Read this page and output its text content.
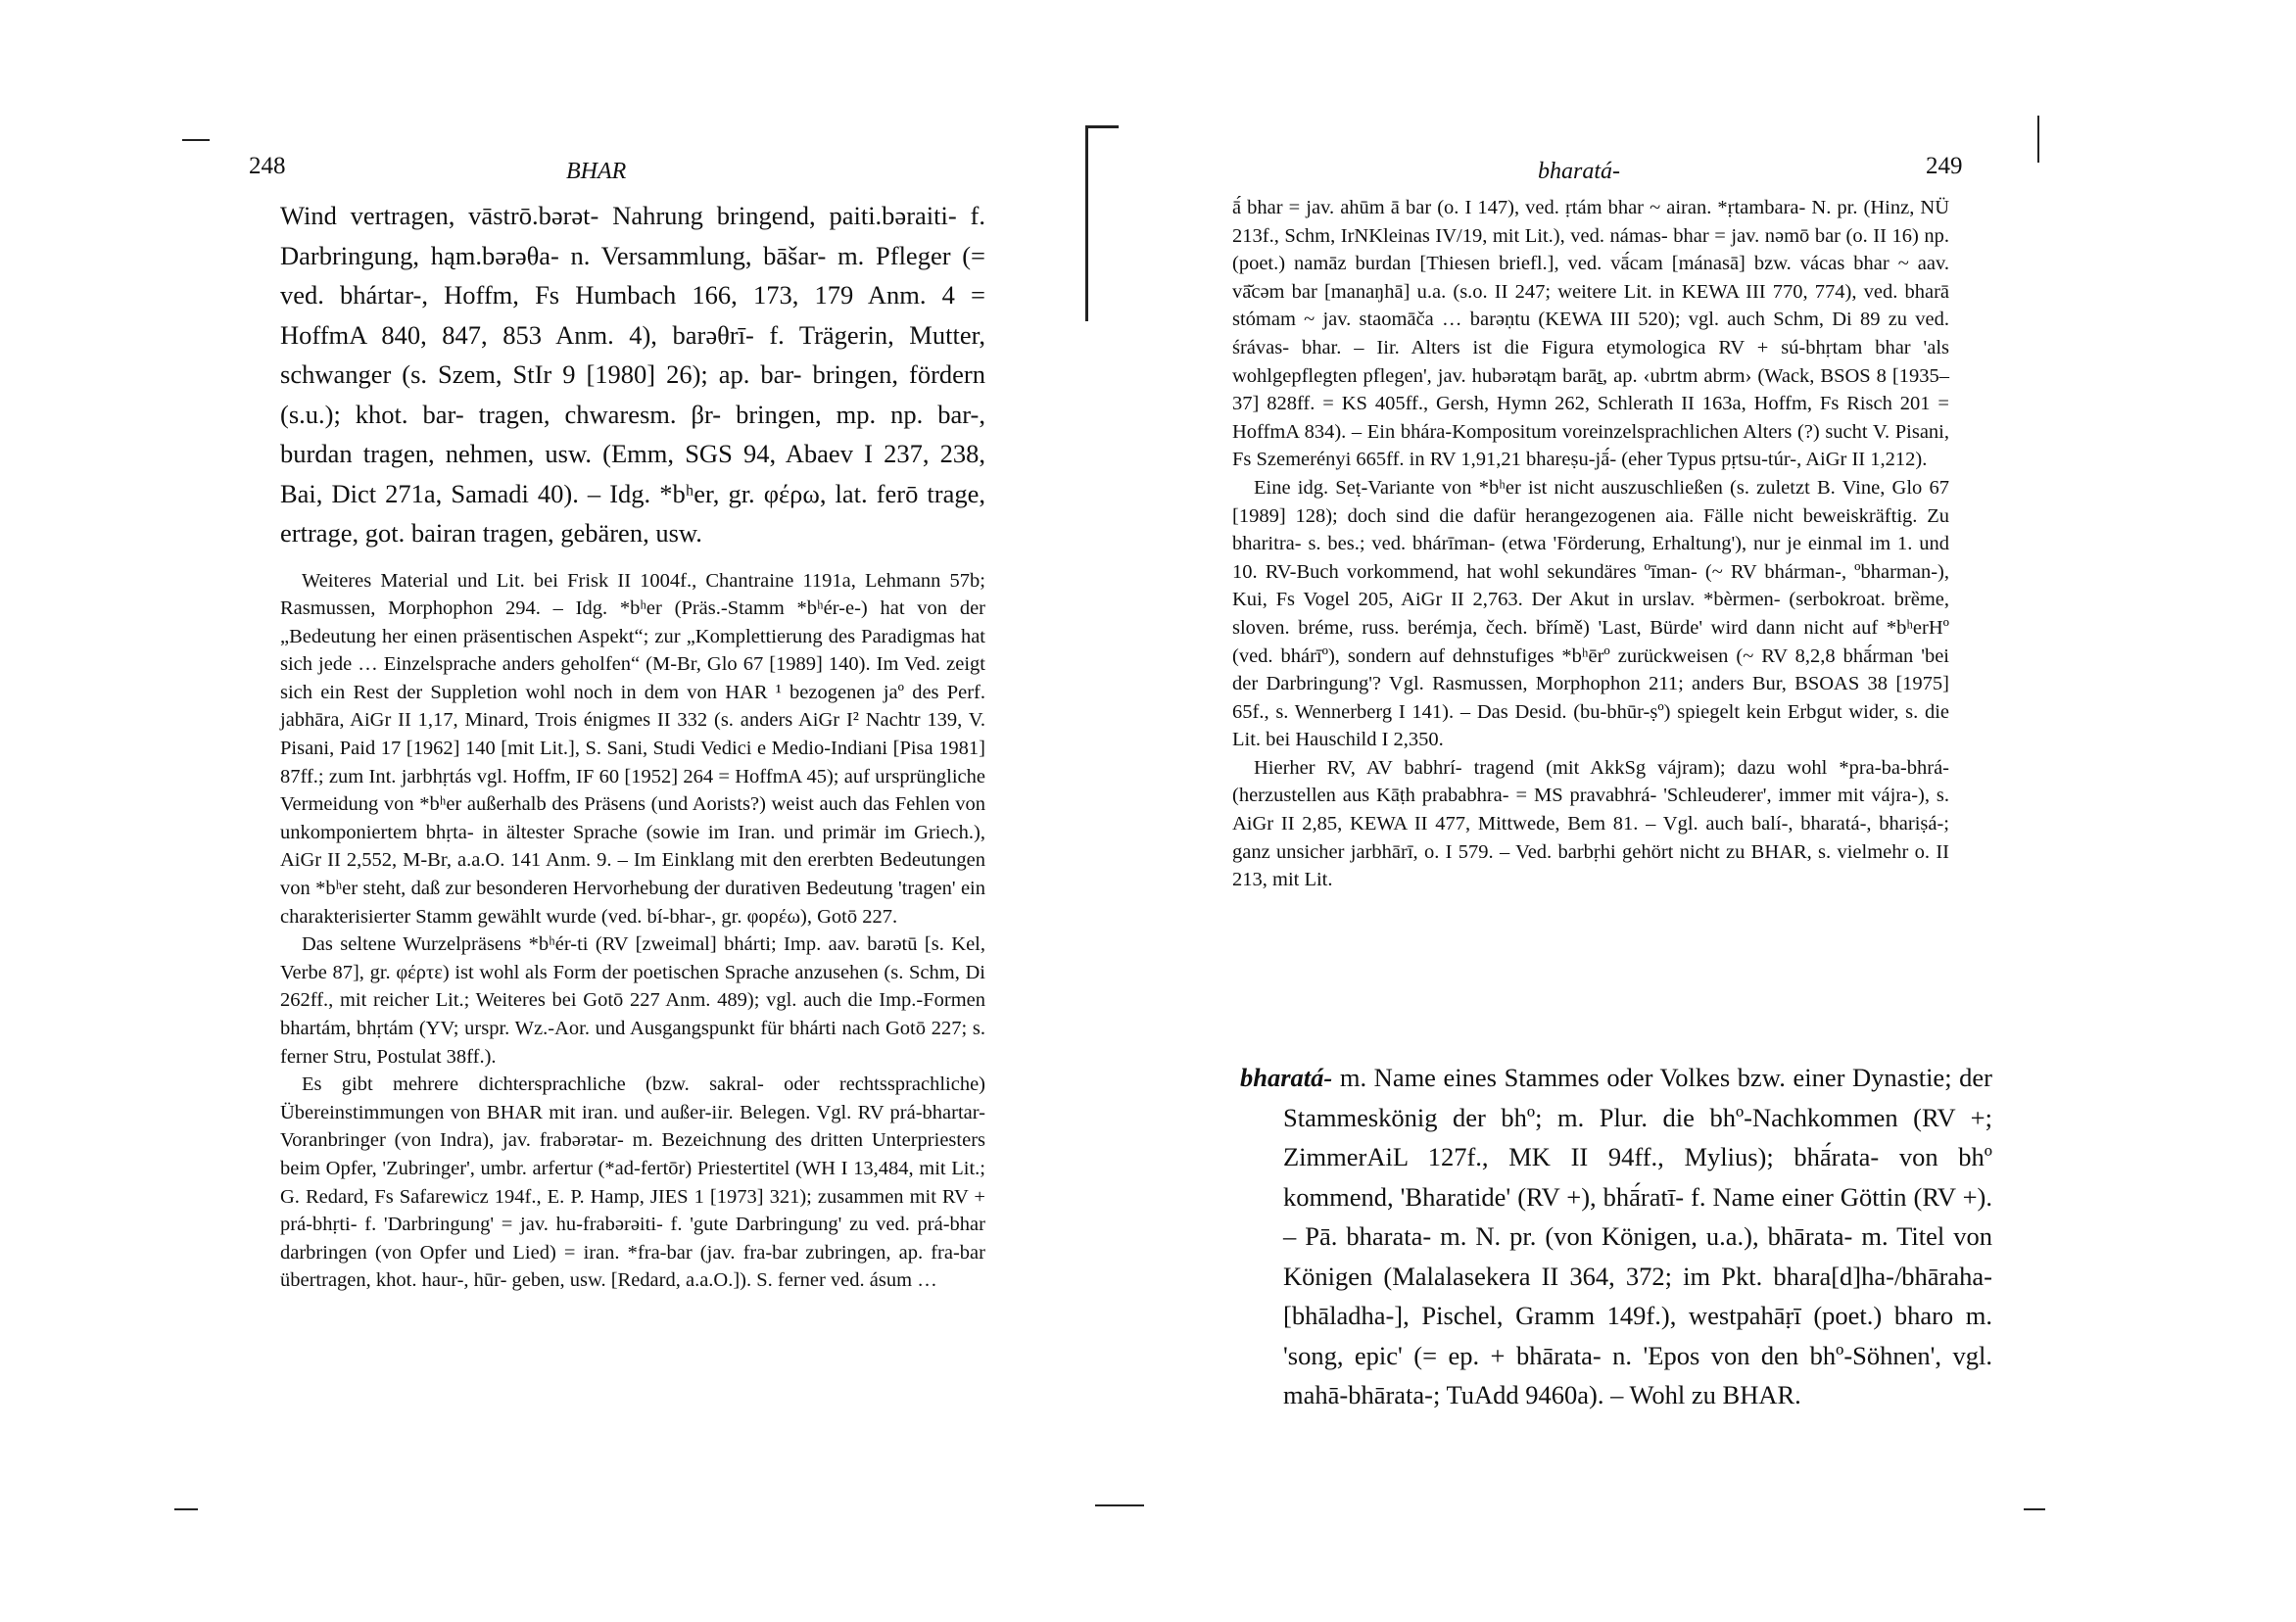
248	BHAR

Wind vertragen, vāstrō.bərət- Nahrung bringend, paiti.bəraiti- f. Darbringung, hąm.bərəθa- n. Versammlung, bāšar- m. Pfleger (= ved. bhártar-, Hoffm, Fs Humbach 166, 173, 179 Anm. 4 = HoffmA 840, 847, 853 Anm. 4), barəθrī- f. Trägerin, Mutter, schwanger (s. Szem, StIr 9 [1980] 26); ap. bar- bringen, fördern (s.u.); khot. bar- tragen, chwaresm. βr- bringen, mp. np. bar-, burdan tragen, nehmen, usw. (Emm, SGS 94, Abaev I 237, 238, Bai, Dict 271a, Samadi 40). – Idg. *bʰer, gr. φέρω, lat. ferō trage, ertrage, got. bairan tragen, gebären, usw.

Weiteres Material und Lit. bei Frisk II 1004f., Chantraine 1191a, Lehmann 57b; Rasmussen, Morphophon 294. – Idg. *bʰer (Präs.-Stamm *bʰér-e-) hat von der „Bedeutung her einen präsentischen Aspekt“; zur „Komplettierung des Paradigmas hat sich jede … Einzelsprache anders geholfen“ (M-Br, Glo 67 [1989] 140). Im Ved. zeigt sich ein Rest der Suppletion wohl noch in dem von HAR ¹ bezogenen jaº des Perf. jabhāra, AiGr II 1,17, Minard, Trois énigmes II 332 (s. anders AiGr I² Nachtr 139, V. Pisani, Paid 17 [1962] 140 [mit Lit.], S. Sani, Studi Vedici e Medio-Indiani [Pisa 1981] 87ff.; zum Int. jarbhṛtás vgl. Hoffm, IF 60 [1952] 264 = HoffmA 45); auf ursprüngliche Vermeidung von *bʰer außerhalb des Präsens (und Aorists?) weist auch das Fehlen von unkomponiertem bhṛta- in ältester Sprache (sowie im Iran. und primär im Griech.), AiGr II 2,552, M-Br, a.a.O. 141 Anm. 9. – Im Einklang mit den ererbten Bedeutungen von *bʰer steht, daß zur besonderen Hervorhebung der durativen Bedeutung 'tragen' ein charakterisierter Stamm gewählt wurde (ved. bí-bhar-, gr. φορέω), Gotō 227.

Das seltene Wurzelpräsens *bʰér-ti (RV [zweimal] bhárti; Imp. aav. barətū [s. Kel, Verbe 87], gr. φέρτε) ist wohl als Form der poetischen Sprache anzusehen (s. Schm, Di 262ff., mit reicher Lit.; Weiteres bei Gotō 227 Anm. 489); vgl. auch die Imp.-Formen bhartám, bhṛtám (YV; urspr. Wz.-Aor. und Ausgangspunkt für bhárti nach Gotō 227; s. ferner Stru, Postulat 38ff.).

Es gibt mehrere dichtersprachliche (bzw. sakral- oder rechtssprachliche) Übereinstimmungen von BHAR mit iran. und außer-iir. Belegen. Vgl. RV prá-bhartar- Voranbringer (von Indra), jav. frabərətar- m. Bezeichnung des dritten Unterpriesters beim Opfer, 'Zubringer', umbr. arfertur (*ad-fertōr) Priestertitel (WH I 13,484, mit Lit.; G. Redard, Fs Safarewicz 194f., E. P. Hamp, JIES 1 [1973] 321); zusammen mit RV + prá-bhṛti- f. 'Darbringung' = jav. hu-frabərəiti- f. 'gute Darbringung' zu ved. prá-bhar darbringen (von Opfer und Lied) = iran. *fra-bar (jav. fra-bar zubringen, ap. fra-bar übertragen, khot. haur-, hūr- geben, usw. [Redard, a.a.O.]). S. ferner ved. ásum …

bharatá-	249

ā́ bhar = jav. ahūm ā bar (o. I 147), ved. ṛtám bhar ~ airan. *ṛtambara- N. pr. (Hinz, NÜ 213f., Schm, IrNKleinas IV/19, mit Lit.), ved. námas- bhar = jav. nəmō bar (o. II 16) np. (poet.) namāz burdan [Thiesen briefl.], ved. vā́cam [mánasā] bzw. vácas bhar ~ aav. vā̆cəm bar [manaŋhā] u.a. (s.o. II 247; weitere Lit. in KEWA III 770, 774), ved. bharā stómam ~ jav. staomāča … barəṇtu (KEWA III 520); vgl. auch Schm, Di 89 zu ved. śrávas- bhar. – Iir. Alters ist die Figura etymologica RV + sú-bhṛtam bhar 'als wohlgepflegten pflegen', jav. hubərətąm barāṯ, ap. ‹ubrtm abrm› (Wack, BSOS 8 [1935–37] 828ff. = KS 405ff., Gersh, Hymn 262, Schlerath II 163a, Hoffm, Fs Risch 201 = HoffmA 834). – Ein bhára-Kompositum voreinzelsprachlichen Alters (?) sucht V. Pisani, Fs Szemerényi 665ff. in RV 1,91,21 bhareṣu-jā́- (eher Typus pṛtsu-túr-, AiGr II 1,212).

Eine idg. Seṭ-Variante von *bʰer ist nicht auszuschließen (s. zuletzt B. Vine, Glo 67 [1989] 128); doch sind die dafür herangezogenen aia. Fälle nicht beweiskräftig. Zu bharitra- s. bes.; ved. bhárīman- (etwa 'Förderung, Erhaltung'), nur je einmal im 1. und 10. RV-Buch vorkommend, hat wohl sekundäres ºīman- (~ RV bhárman-, ºbharman-), Kui, Fs Vogel 205, AiGr II 2,763. Der Akut in urslav. *bèrmen- (serbokroat. brȅme, sloven. bréme, russ. berémja, čech. břímě) 'Last, Bürde' wird dann nicht auf *bʰerHº (ved. bhárīº), sondern auf dehnstufiges *bʰērº zurückweisen (~ RV 8,2,8 bhā́rman 'bei der Darbringung'? Vgl. Rasmussen, Morphophon 211; anders Bur, BSOAS 38 [1975] 65f., s. Wennerberg I 141). – Das Desid. (bu-bhūr-ṣº) spiegelt kein Erbgut wider, s. die Lit. bei Hauschild I 2,350.

Hierher RV, AV babhrí- tragend (mit AkkSg vájram); dazu wohl *pra-ba-bhrá- (herzustellen aus Kāṭh prababhra- = MS pravabhrá- 'Schleuderer', immer mit vájra-), s. AiGr II 2,85, KEWA II 477, Mittwede, Bem 81. – Vgl. auch balí-, bharatá-, bhariṣá-; ganz unsicher jarbhārī, o. I 579. – Ved. barbṛhi gehört nicht zu BHAR, s. vielmehr o. II 213, mit Lit.

bharatá- m. Name eines Stammes oder Volkes bzw. einer Dynastie; der Stammeskönig der bhº; m. Plur. die bhº-Nachkommen (RV +; ZimmerAiL 127f., MK II 94ff., Mylius); bhā́rata- von bhº kommend, 'Bharatide' (RV +), bhā́ratī- f. Name einer Göttin (RV +). – Pā. bharata- m. N. pr. (von Königen, u.a.), bhārata- m. Titel von Königen (Malalasekera II 364, 372; im Pkt. bhara[d]ha-/bhāraha- [bhāladha-], Pischel, Gramm 149f.), westpahāṛī (poet.) bharo m. 'song, epic' (= ep. + bhārata- n. 'Epos von den bhº-Söhnen', vgl. mahā-bhārata-; TuAdd 9460a). – Wohl zu BHAR.
